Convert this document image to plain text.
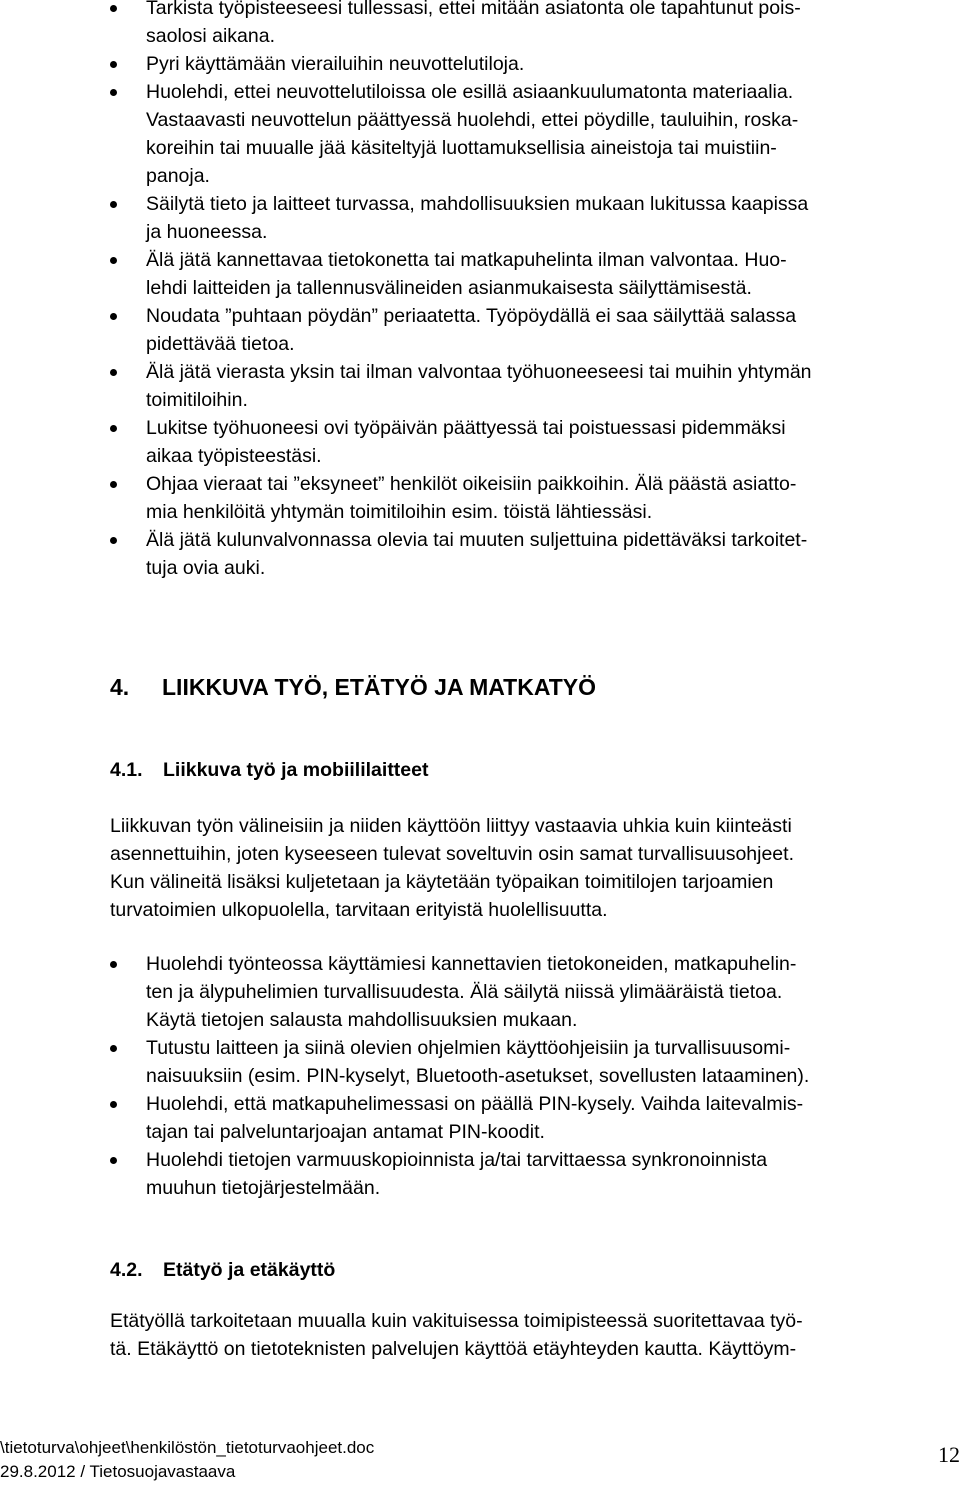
Tarkista työpisteeseesi tullessasi, ettei mitään asiatonta ole tapahtunut pois-
saolosi aikana.
Pyri käyttämään vierailuihin neuvottelutiloja.
Huolehdi, ettei neuvottelutiloissa ole esillä asiaankuulumatonta materiaalia.
Vastaavasti neuvottelun päättyessä huolehdi, ettei pöydille, tauluihin, roska-
koreihin tai muualle jää käsiteltyjä luottamuksellisia aineistoja tai muistiin-
panoja.
Säilytä tieto ja laitteet turvassa, mahdollisuuksien mukaan lukitussa kaapissa
ja huoneessa.
Älä jätä kannettavaa tietokonetta tai matkapuhelinta ilman valvontaa. Huo-
lehdi laitteiden ja tallennusvälineiden asianmukaisesta säilyttämisestä.
Noudata ”puhtaan pöydän” periaatetta. Työpöydällä ei saa säilyttää salassa
pidettävää tietoa.
Älä jätä vierasta yksin tai ilman valvontaa työhuoneeseesi tai muihin yhtymän
toimitiloihin.
Lukitse työhuoneesi ovi työpäivän päättyessä tai poistuessasi pidemmäksi
aikaa työpisteestäsi.
Ohjaa vieraat tai ”eksyneet” henkilöt oikeisiin paikkoihin. Älä päästä asiatto-
mia henkilöitä yhtymän toimitiloihin esim. töistä lähtiessäsi.
Älä jätä kulunvalvonnassa olevia tai muuten suljettuina pidettäväksi tarkoitet-
tuja ovia auki.
4. LIIKKUVA TYÖ, ETÄTYÖ JA MATKATYÖ
4.1. Liikkuva työ ja mobiililaitteet
Liikkuvan työn välineisiin ja niiden käyttöön liittyy vastaavia uhkia kuin kiinteästi
asennettuihin, joten kyseeseen tulevat soveltuvin osin samat turvallisuusohjeet.
Kun välineitä lisäksi kuljetetaan ja käytetään työpaikan toimitilojen tarjoamien
turvatoimien ulkopuolella, tarvitaan erityistä huolellisuutta.
Huolehdi työnteossa käyttämiesi kannettavien tietokoneiden, matkapuhelin-
ten ja älypuhelimien turvallisuudesta. Älä säilytä niissä ylimääräistä tietoa.
Käytä tietojen salausta mahdollisuuksien mukaan.
Tutustu laitteen ja siinä olevien ohjelmien käyttöohjeisiin ja turvallisuusomi-
naisuuksiin (esim. PIN-kyselyt, Bluetooth-asetukset, sovellusten lataaminen).
Huolehdi, että matkapuhelimessasi on päällä PIN-kysely. Vaihda laitevalmis-
tajan tai palveluntarjoajan antamat PIN-koodit.
Huolehdi tietojen varmuuskopioinnista ja/tai tarvittaessa synkronoinnista
muuhun tietojärjestelmään.
4.2. Etätyö ja etäkäyttö
Etätyöllä tarkoitetaan muualla kuin vakituisessa toimipisteessä suoritettavaa työ-
tä. Etäkäyttö on tietoteknisten palvelujen käyttöä etäyhteyden kautta. Käyttöym-
\tietoturva\ohjeet\henkilöstön_tietoturvaohjeet.doc
29.8.2012 / Tietosuojavastaava
12
